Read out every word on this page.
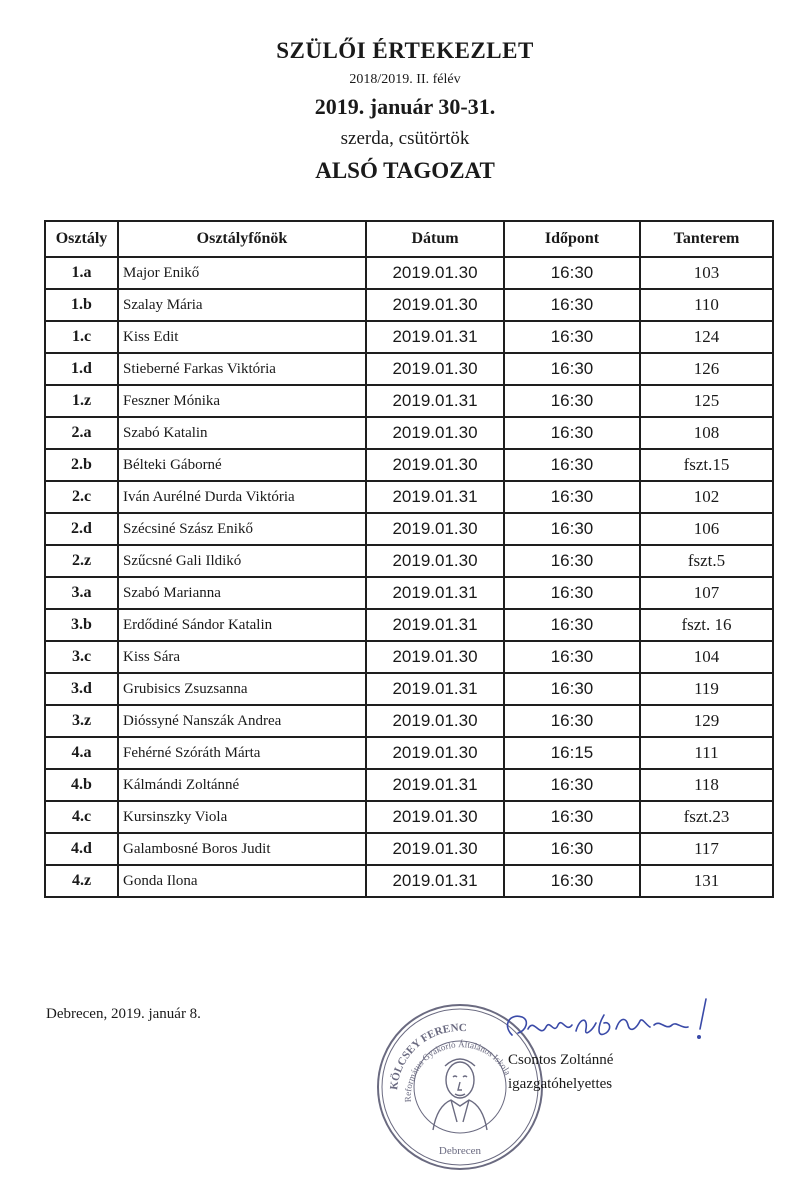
SZÜLŐI ÉRTEKEZLET
2018/2019. II. félév
2019. január 30-31.
szerda, csütörtök
ALSÓ TAGOZAT
Osztály	Osztályfőnök	Dátum	Időpont	Tanterem
1.a	Major Enikő	2019.01.30	16:30	103
1.b	Szalay Mária	2019.01.30	16:30	110
1.c	Kiss Edit	2019.01.31	16:30	124
1.d	Stieberné Farkas Viktória	2019.01.30	16:30	126
1.z	Feszner Mónika	2019.01.31	16:30	125
2.a	Szabó Katalin	2019.01.30	16:30	108
2.b	Bélteki Gáborné	2019.01.30	16:30	fszt.15
2.c	Iván Aurélné Durda Viktória	2019.01.31	16:30	102
2.d	Szécsiné Szász Enikő	2019.01.30	16:30	106
2.z	Szűcsné Gali Ildikó	2019.01.30	16:30	fszt.5
3.a	Szabó Marianna	2019.01.31	16:30	107
3.b	Erdődiné Sándor Katalin	2019.01.31	16:30	fszt. 16
3.c	Kiss Sára	2019.01.30	16:30	104
3.d	Grubisics Zsuzsanna	2019.01.31	16:30	119
3.z	Dióssyné Nanszák Andrea	2019.01.30	16:30	129
4.a	Fehérné Szóráth Márta	2019.01.30	16:15	111
4.b	Kálmándi Zoltánné	2019.01.31	16:30	118
4.c	Kursinszky Viola	2019.01.30	16:30	fszt.23
4.d	Galambosné Boros Judit	2019.01.30	16:30	117
4.z	Gonda Ilona	2019.01.31	16:30	131
Debrecen, 2019. január 8.
KÖLCSEY FERENC
Református Gyakorló Általános Iskola
Debrecen
Csontos Zoltánné
igazgatóhelyettes
